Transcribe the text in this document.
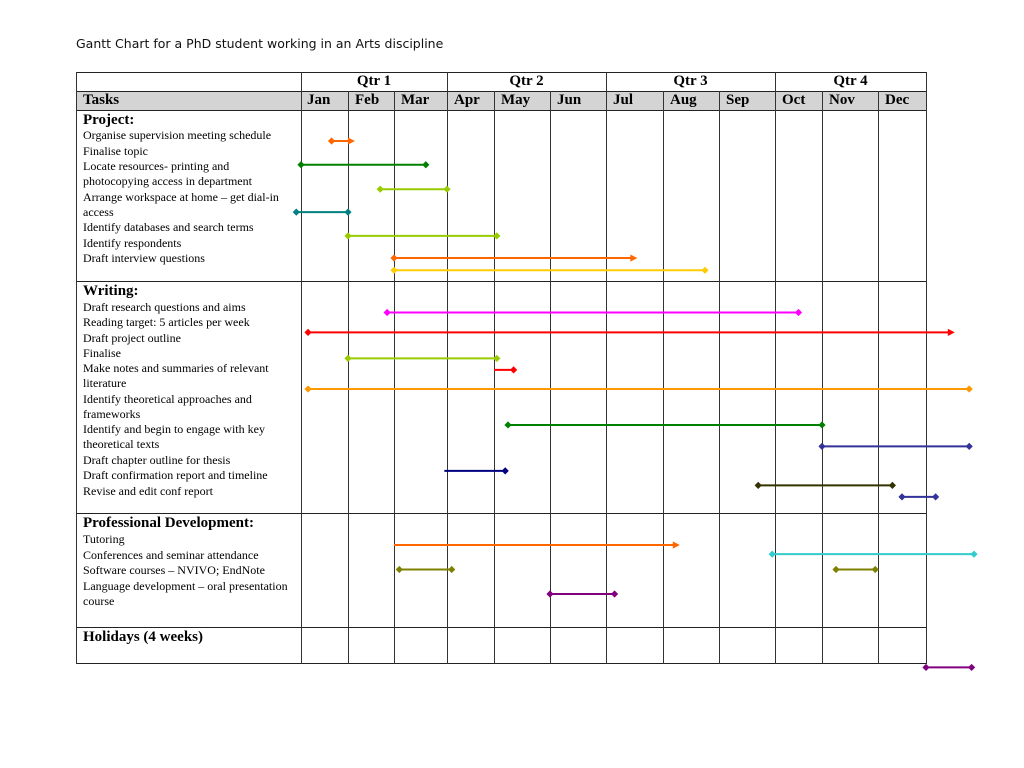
Gantt Chart for a PhD student working in an Arts discipline
Tasks
Qtr 1	Qtr 2	Qtr 3	Qtr 4
Jan Feb Mar Apr May Jun Jul Aug Sep Oct Nov Dec
Project:
Organise supervision meeting schedule
Finalise topic
Locate resources- printing and photocopying access in department
Arrange workspace at home – get dial-in access
Identify databases and search terms
Identify respondents
Draft interview questions
Writing:
Draft research questions and aims
Reading target: 5 articles per week
Draft project outline
Finalise
Make notes and summaries of relevant literature
Identify theoretical approaches and frameworks
Identify and begin to engage with key theoretical texts
Draft chapter outline for thesis
Draft confirmation report and timeline
Revise and edit conf report
Professional Development:
Tutoring
Conferences and seminar attendance
Software courses – NVIVO; EndNote
Language development – oral presentation course
Holidays (4 weeks)
